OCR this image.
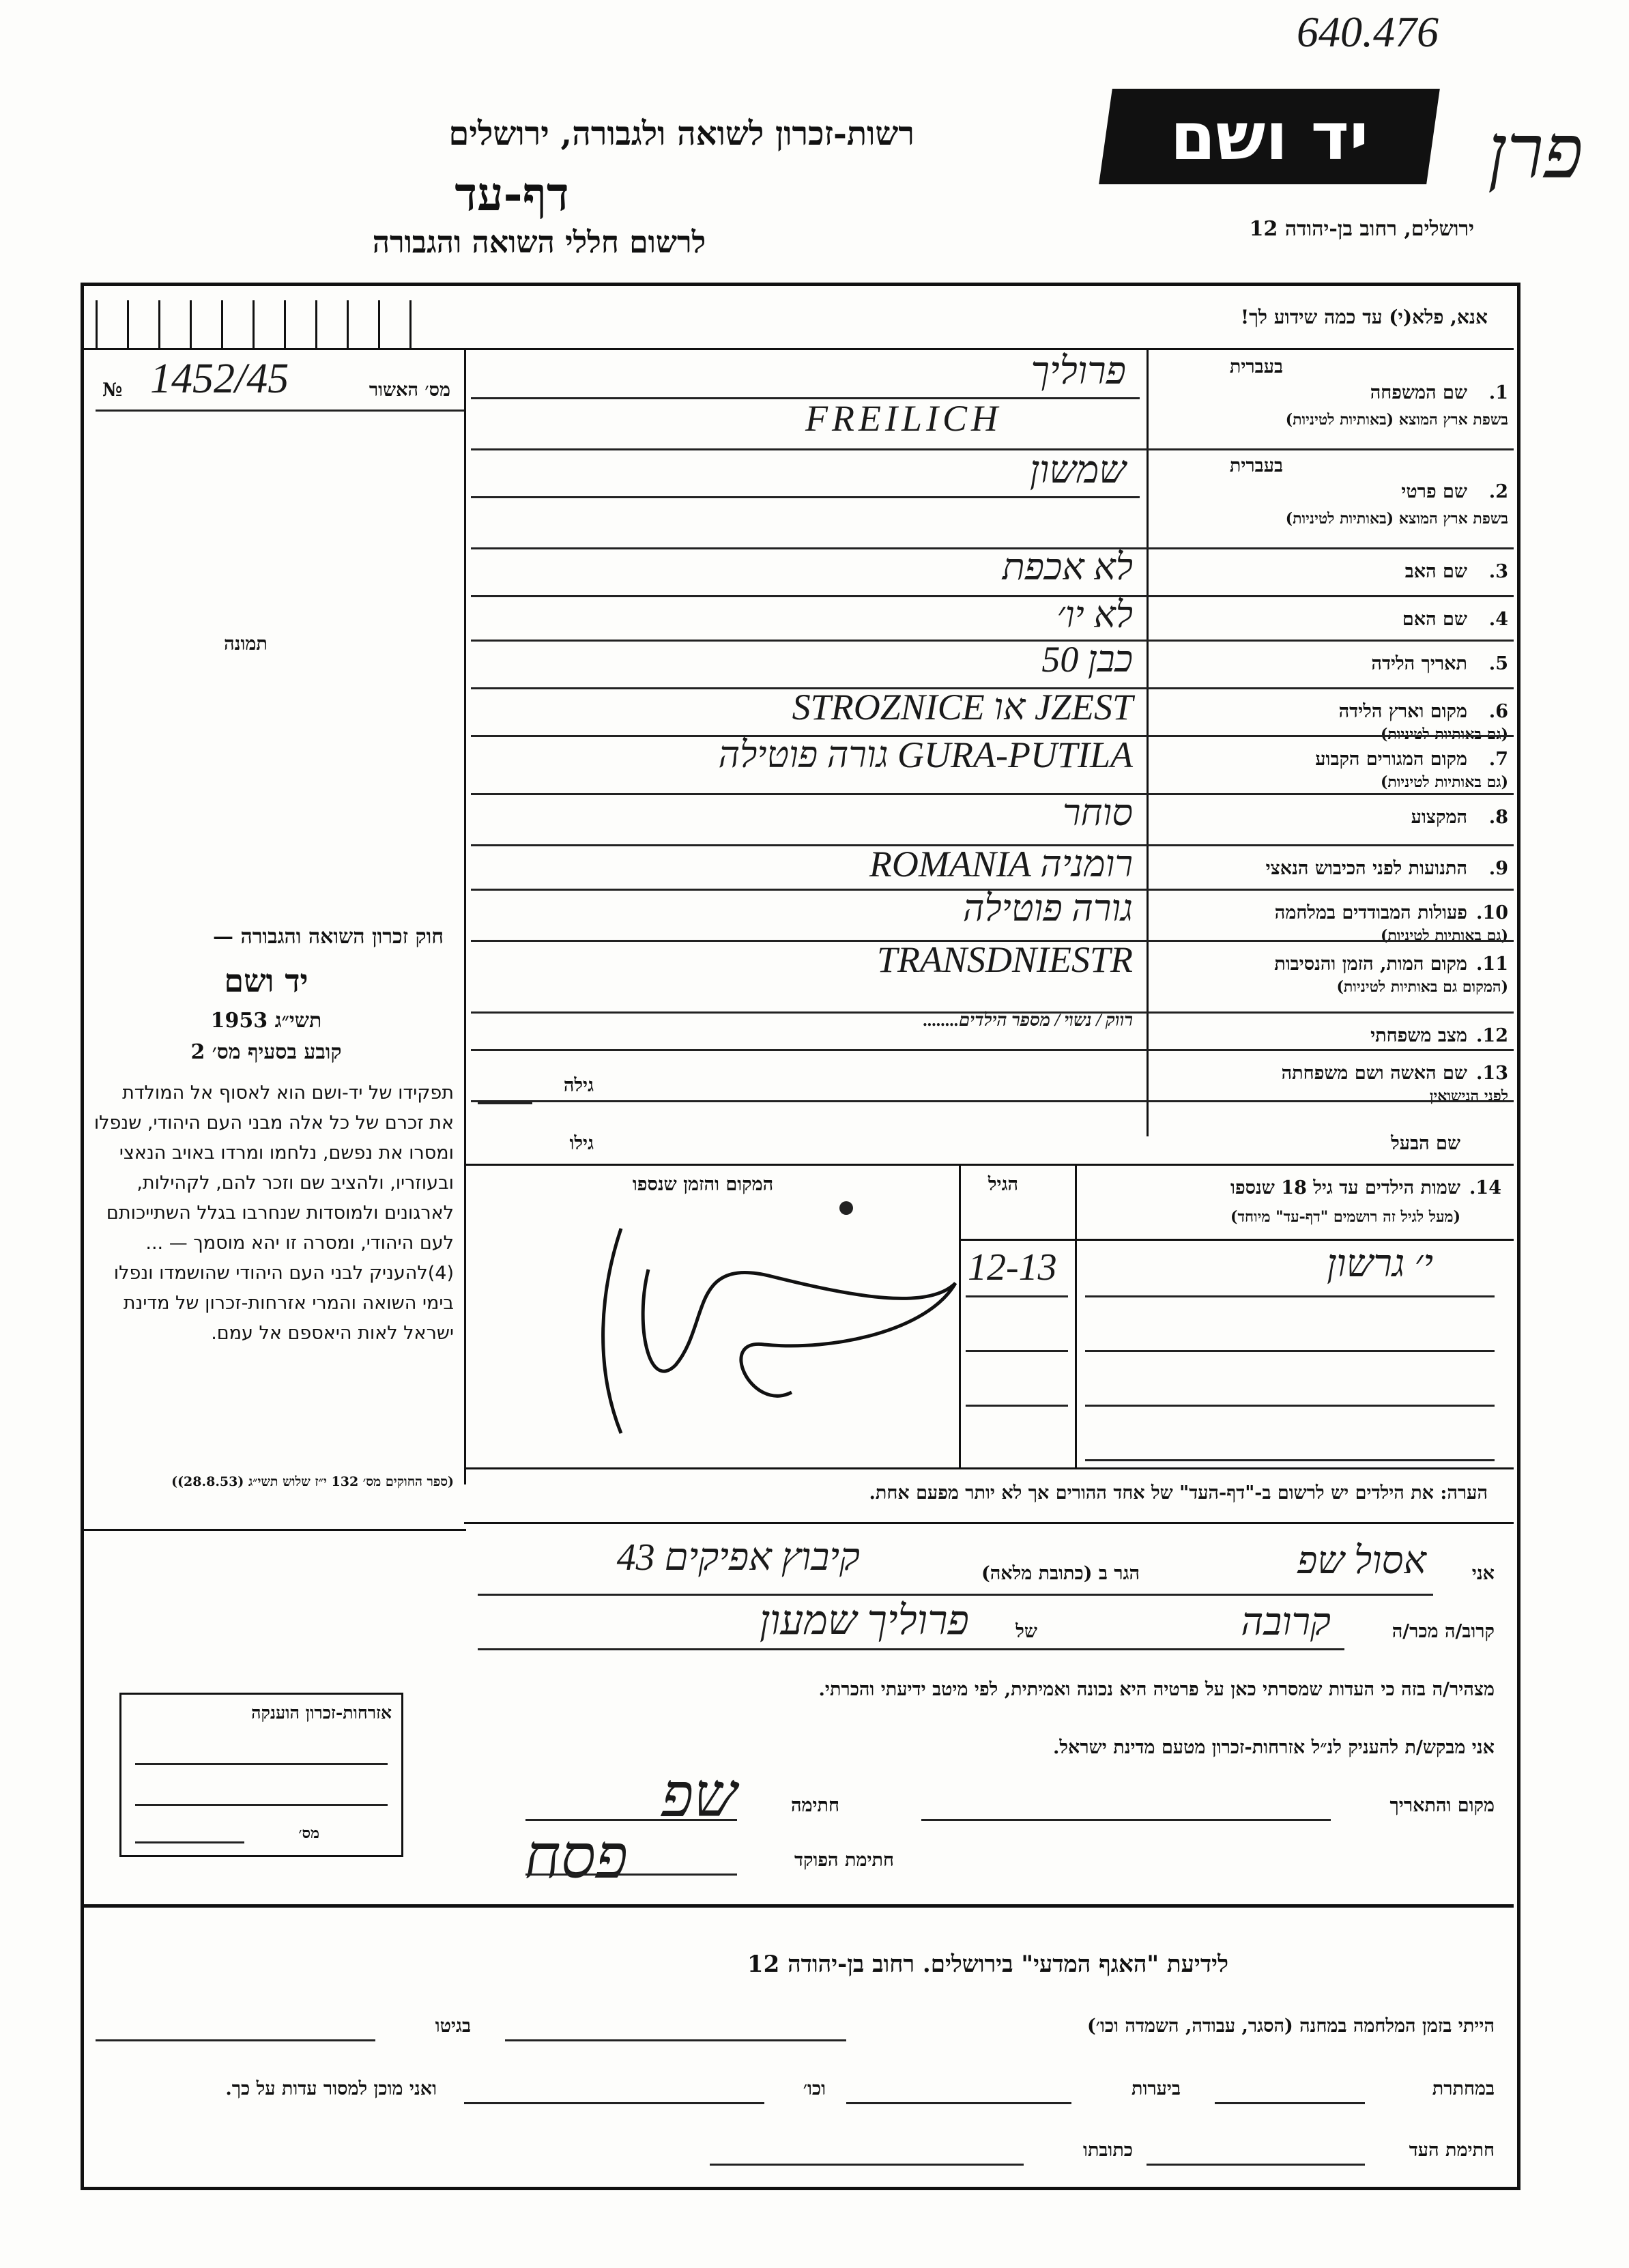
640.476
פרן
רשות-זכרון לשואה ולגבורה, ירושלים	יד ושם
ירושלים, רחוב בן-יהודה 12
דף-עד
לרשום חללי השואה והגבורה
אנא, פלא(י) עד כמה שידוע לך!
מס׳ האשור
№ 1452/45
תמונה
חוק זכרון השואה והגבורה —
יד ושם
תשי״ג 1953
קובע בסעיף מס׳ 2
תפקידו של יד-ושם הוא לאסוף אל המולדת את זכרם של כל אלה מבני העם היהודי, שנפלו ומסרו את נפשם, נלחמו ומרדו באויב הנאצי ובעוזריו, ולהציב שם וזכר להם, לקהילות, לארגונים ולמוסדות שנחרבו בגלל השתייכותם לעם היהודי, ומסרה זו יהא מוסמך — ...(4)להעניק לבני העם היהודי שהושמדו ונפלו בימי השואה והמרי אזרחות-זכרון של מדינת ישראל לאות היאספם אל עמם.
(ספר החוקים מס׳ 132 י״ז שלוש תשי״ג (28.8.53))
1.
שם המשפחה
בשפת ארץ המוצא (באותיות לטיניות)
בעברית
פרוליך
FREILICH
2.
שם פרטי
בשפת ארץ המוצא (באותיות לטיניות)
בעברית
שמשון
3.
שם האב
לא אכפת
4.
שם האם
לא יו׳
5.
תאריך הלידה
כבן 50
6.
מקום וארץ הלידה
(גם באותיות לטיניות)
JZEST או STROZNICE
7.
מקום המגורים הקבוע
(גם באותיות לטיניות)
GURA-PUTILA גורה פוטילה
8.
המקצוע
סוחר
9.
התנועות לפני הכיבוש הנאצי
רומניה ROMANIA
10.
פעולות המבודדים במלחמה
(גם באותיות לטיניות)
גורה פוטילה
11.
מקום המות, הזמן והנסיבות
(המקום גם באותיות לטיניות)
TRANSDNIESTR
12.
מצב משפחתי
רווק / נשוי / מספר הילדים........
13.
שם האשה ושם משפחתה
לפני הנישואין
גילה
גילו	שם הבעל
14.
שמות הילדים עד גיל 18 שנספו
(מעל לגיל זה רושמים "דף-עד" מיוחד)
הגיל
המקום והזמן שנספו
י׳ גרשון
12-13
הערה: את הילדים יש לרשום ב-"דף-העד" של אחד ההורים אך לא יותר מפעם אחת.
אני
אסול שפ
הגר ב (כתובת מלאה)
קיבוץ אפיקים 43
קרוב/ה מכר/ה
קרובה
של
פרוליך שמעון
מצהיר/ה בזה כי העדות שמסרתי כאן על פרטיה היא נכונה ואמיתית, לפי מיטב ידיעתי והכרתי.
אני מבקש/ת להעניק לנ״ל אזרחות-זכרון מטעם מדינת ישראל.
מקום והתאריך
חתימה
שפ
חתימת הפוקד
פסח
אזרחות-זכרון הוענקה
מס׳
לידיעת "האגף המדעי" בירושלים. רחוב בן-יהודה 12
הייתי בזמן המלחמה במחנה (הסגר, עבודה, השמדה וכו׳)
בגיטו
במחתרת
ביערות
וכו׳
ואני מוכן למסור עדות על כך.
חתימת העד
כתובתו
